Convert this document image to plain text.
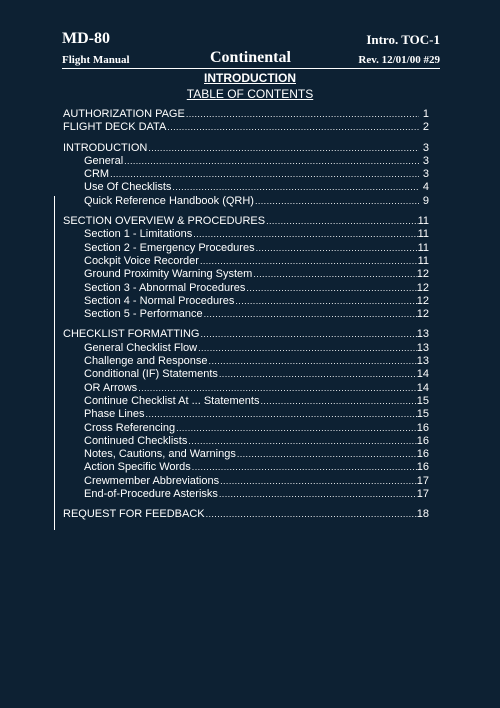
MD-80	Intro. TOC-1
Flight Manual	Continental	Rev. 12/01/00 #29
INTRODUCTION
TABLE OF CONTENTS
AUTHORIZATION PAGE .....	1
FLIGHT DECK DATA .....	2
INTRODUCTION .....	3
General .....	3
CRM .....	3
Use Of Checklists .....	4
Quick Reference Handbook (QRH) .....	9
SECTION OVERVIEW & PROCEDURES .....	11
Section 1 - Limitations .....	11
Section 2 - Emergency Procedures .....	11
Cockpit Voice Recorder .....	11
Ground Proximity Warning System .....	12
Section 3 - Abnormal Procedures .....	12
Section 4 - Normal Procedures .....	12
Section 5 - Performance .....	12
CHECKLIST FORMATTING .....	13
General Checklist Flow .....	13
Challenge and Response .....	13
Conditional (IF) Statements .....	14
OR Arrows .....	14
Continue Checklist At ... Statements .....	15
Phase Lines .....	15
Cross Referencing .....	16
Continued Checklists .....	16
Notes, Cautions, and Warnings .....	16
Action Specific Words .....	16
Crewmember Abbreviations .....	17
End-of-Procedure Asterisks .....	17
REQUEST FOR FEEDBACK .....	18
